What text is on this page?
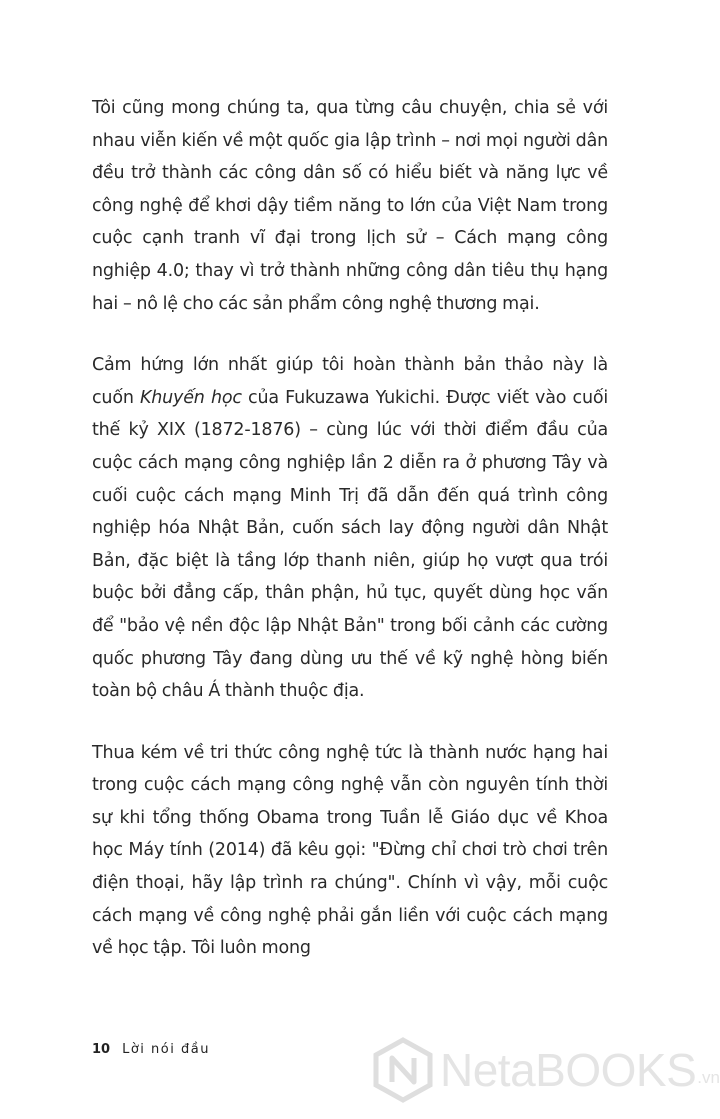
Tôi cũng mong chúng ta, qua từng câu chuyện, chia sẻ với nhau viễn kiến về một quốc gia lập trình – nơi mọi người dân đều trở thành các công dân số có hiểu biết và năng lực về công nghệ để khơi dậy tiềm năng to lớn của Việt Nam trong cuộc cạnh tranh vĩ đại trong lịch sử – Cách mạng công nghiệp 4.0; thay vì trở thành những công dân tiêu thụ hạng hai – nô lệ cho các sản phẩm công nghệ thương mại.

Cảm hứng lớn nhất giúp tôi hoàn thành bản thảo này là cuốn Khuyến học của Fukuzawa Yukichi. Được viết vào cuối thế kỷ XIX (1872-1876) – cùng lúc với thời điểm đầu của cuộc cách mạng công nghiệp lần 2 diễn ra ở phương Tây và cuối cuộc cách mạng Minh Trị đã dẫn đến quá trình công nghiệp hóa Nhật Bản, cuốn sách lay động người dân Nhật Bản, đặc biệt là tầng lớp thanh niên, giúp họ vượt qua trói buộc bởi đẳng cấp, thân phận, hủ tục, quyết dùng học vấn để "bảo vệ nền độc lập Nhật Bản" trong bối cảnh các cường quốc phương Tây đang dùng ưu thế về kỹ nghệ hòng biến toàn bộ châu Á thành thuộc địa.

Thua kém về tri thức công nghệ tức là thành nước hạng hai trong cuộc cách mạng công nghệ vẫn còn nguyên tính thời sự khi tổng thống Obama trong Tuần lễ Giáo dục về Khoa học Máy tính (2014) đã kêu gọi: "Đừng chỉ chơi trò chơi trên điện thoại, hãy lập trình ra chúng". Chính vì vậy, mỗi cuộc cách mạng về công nghệ phải gắn liền với cuộc cách mạng về học tập. Tôi luôn mong

10 Lời nói đầu	NetaBOOKS .vn
